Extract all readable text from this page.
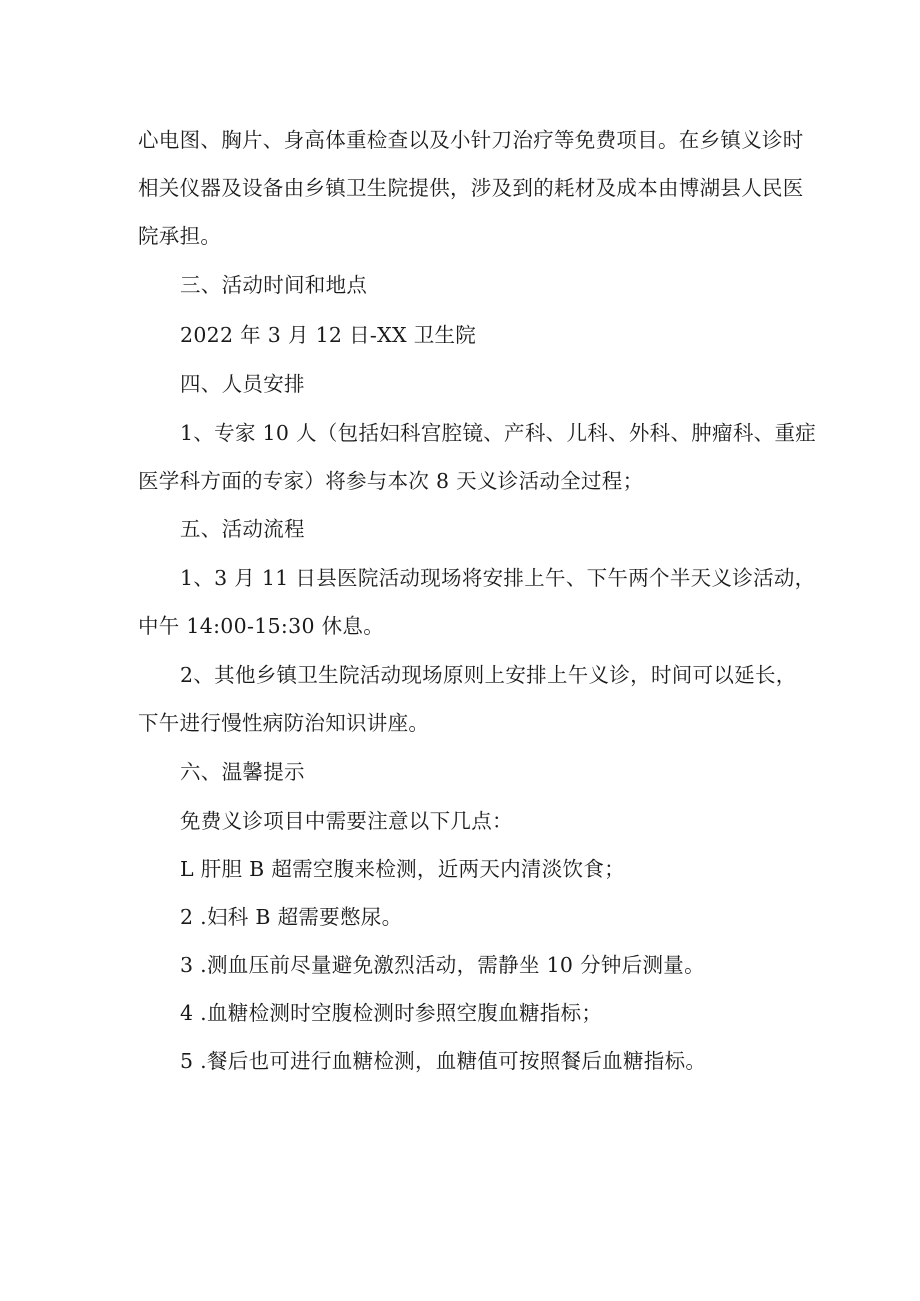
心电图、胸片、身高体重检查以及小针刀治疗等免费项目。在乡镇义诊时
相关仪器及设备由乡镇卫生院提供，涉及到的耗材及成本由博湖县人民医
院承担。
三、活动时间和地点
2022 年 3 月 12 日-XX 卫生院
四、人员安排
1、专家 10 人（包括妇科宫腔镜、产科、儿科、外科、肿瘤科、重症
医学科方面的专家）将参与本次 8 天义诊活动全过程；
五、活动流程
1、3 月 11 日县医院活动现场将安排上午、下午两个半天义诊活动，
中午 14:00-15:30 休息。
2、其他乡镇卫生院活动现场原则上安排上午义诊，时间可以延长，
下午进行慢性病防治知识讲座。
六、温馨提示
免费义诊项目中需要注意以下几点：
L 肝胆 B 超需空腹来检测，近两天内清淡饮食；
2 .妇科 B 超需要憋尿。
3 .测血压前尽量避免激烈活动，需静坐 10 分钟后测量。
4 .血糖检测时空腹检测时参照空腹血糖指标；
5 .餐后也可进行血糖检测，血糖值可按照餐后血糖指标。
